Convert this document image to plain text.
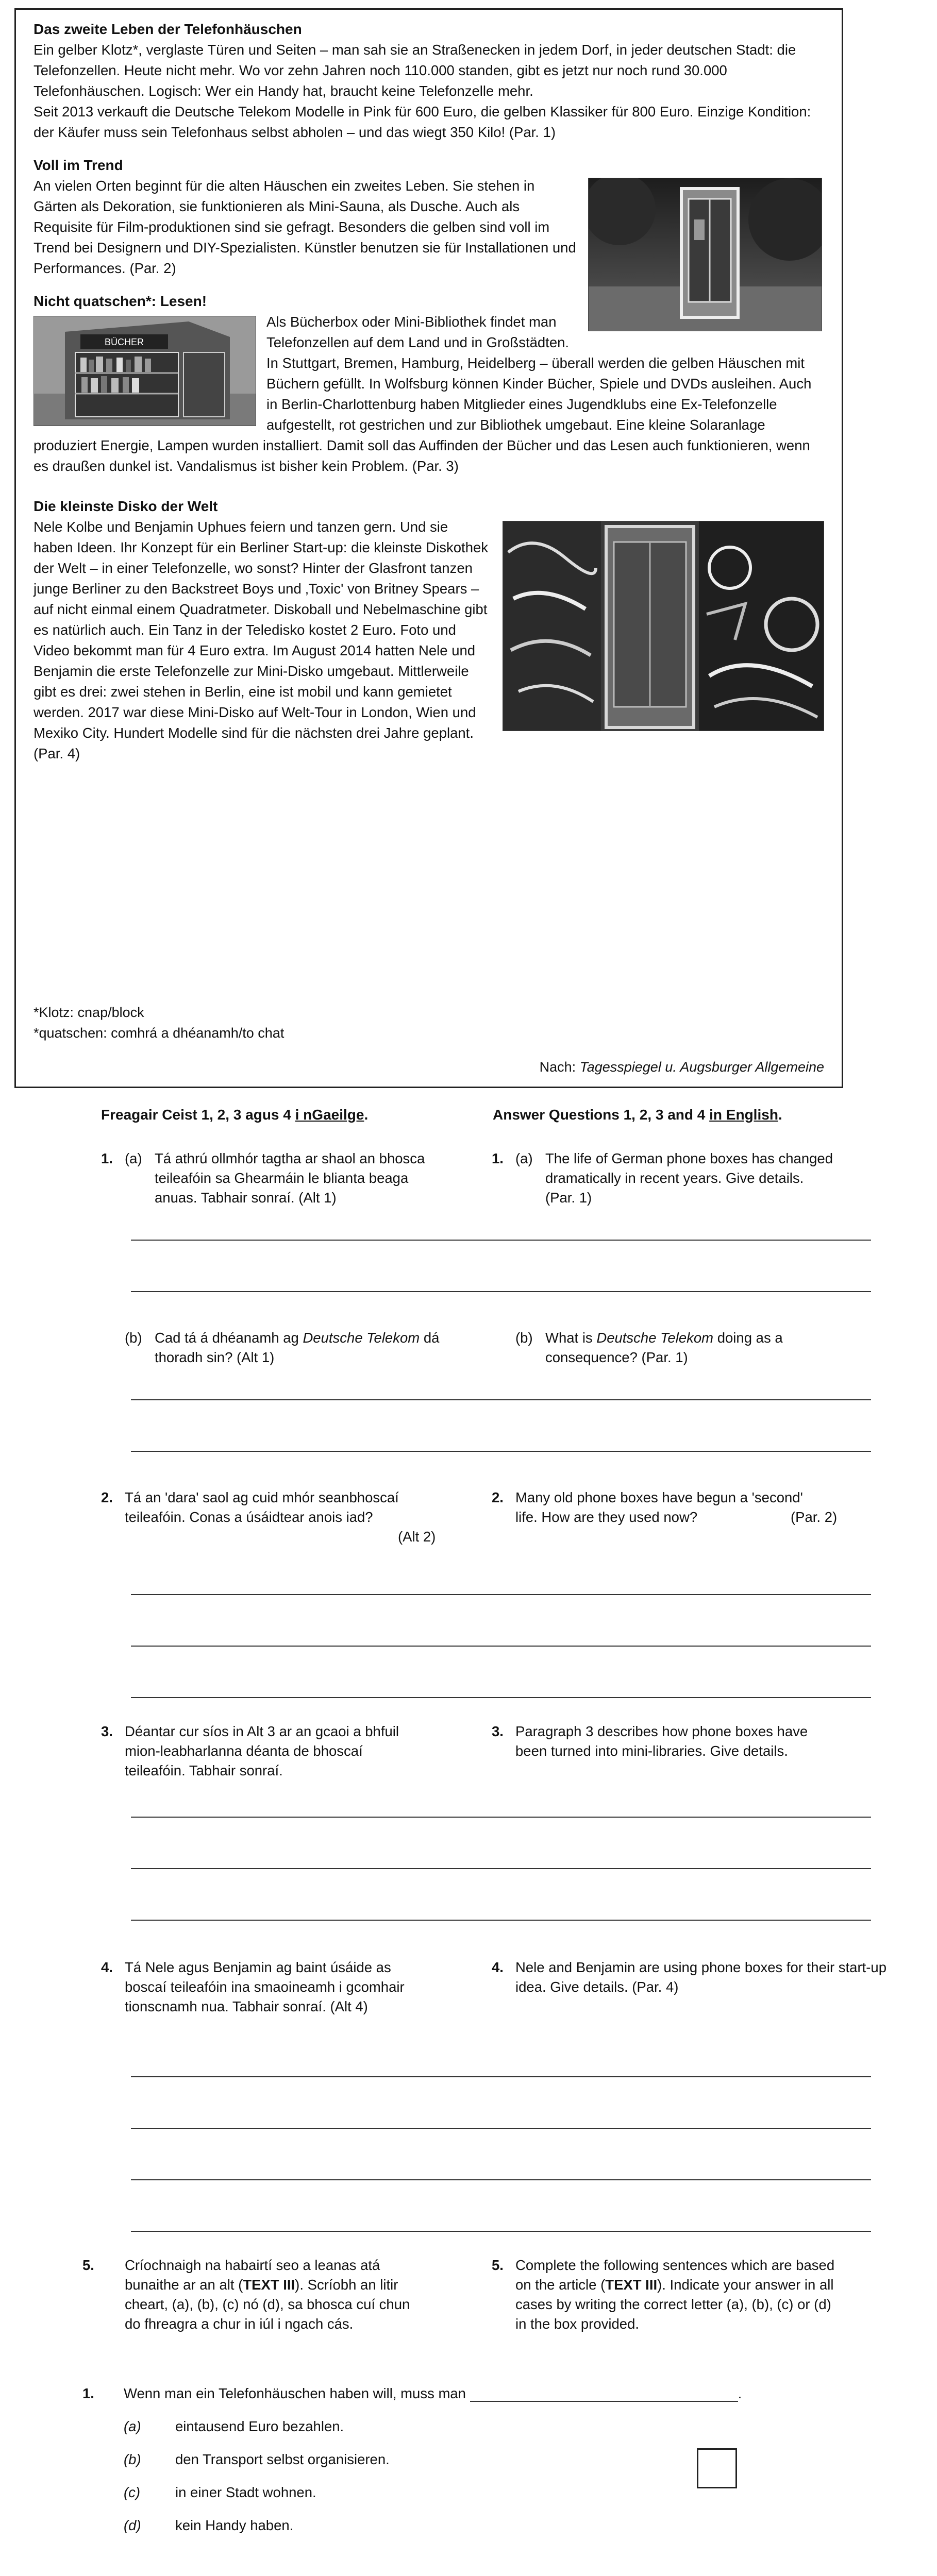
Das zweite Leben der Telefonhäuschen
Ein gelber Klotz*, verglaste Türen und Seiten – man sah sie an Straßenecken in jedem Dorf, in jeder deutschen Stadt: die Telefonzellen. Heute nicht mehr. Wo vor zehn Jahren noch 110.000 standen, gibt es jetzt nur noch rund 30.000 Telefonhäuschen. Logisch: Wer ein Handy hat, braucht keine Telefonzelle mehr.

Seit 2013 verkauft die Deutsche Telekom Modelle in Pink für 600 Euro, die gelben Klassiker für 800 Euro. Einzige Kondition: der Käufer muss sein Telefonhaus selbst abholen – und das wiegt 350 Kilo! (Par. 1)

Voll im Trend

An vielen Orten beginnt für die alten Häuschen ein zweites Leben. Sie stehen in Gärten als Dekoration, sie funktionieren als Mini-Sauna, als Dusche. Auch als Requisite für Film-produktionen sind sie gefragt. Besonders die gelben sind voll im Trend bei Designern und DIY-Spezialisten. Künstler benutzen sie für Installationen und Performances. (Par. 2)

Nicht quatschen*: Lesen!
BÜCHER

Als Bücherbox oder Mini-Bibliothek findet man Telefonzellen auf dem Land und in Großstädten. In Stuttgart, Bremen, Hamburg, Heidelberg – überall werden die gelben Häuschen mit Büchern gefüllt. In Wolfsburg können Kinder Bücher, Spiele und DVDs ausleihen. Auch in Berlin-Charlottenburg haben Mitglieder eines Jugendklubs eine Ex-Telefonzelle aufgestellt, rot gestrichen und zur Bibliothek umgebaut. Eine kleine Solaranlage produziert Energie, Lampen wurden installiert. Damit soll das Auffinden der Bücher und das Lesen auch funktionieren, wenn es draußen dunkel ist. Vandalismus ist bisher kein Problem. (Par. 3)

Die kleinste Disko der Welt

Nele Kolbe und Benjamin Uphues feiern und tanzen gern. Und sie haben Ideen. Ihr Konzept für ein Berliner Start-up: die kleinste Diskothek der Welt – in einer Telefonzelle, wo sonst? Hinter der Glasfront tanzen junge Berliner zu den Backstreet Boys und ‚Toxic' von Britney Spears – auf nicht einmal einem Quadratmeter. Diskoball und Nebelmaschine gibt es natürlich auch. Ein Tanz in der Teledisko kostet 2 Euro. Foto und Video bekommt man für 4 Euro extra. Im August 2014 hatten Nele und Benjamin die erste Telefonzelle zur Mini-Disko umgebaut. Mittlerweile gibt es drei: zwei stehen in Berlin, eine ist mobil und kann gemietet werden. 2017 war diese Mini-Disko auf Welt-Tour in London, Wien und Mexiko City. Hundert Modelle sind für die nächsten drei Jahre geplant. (Par. 4)

*Klotz: cnap/block
*quatschen: comhrá a dhéanamh/to chat
Nach: Tagesspiegel u. Augsburger Allgemeine
Freagair Ceist 1, 2, 3 agus 4 i nGaeilge.	Answer Questions 1, 2, 3 and 4 in English.
1. (a) Tá athrú ollmhór tagtha ar shaol an bhosca teileafóin sa Ghearmáin le blianta beaga anuas. Tabhair sonraí. (Alt 1)
1. (a) The life of German phone boxes has changed dramatically in recent years. Give details. (Par. 1)
(b) Cad tá á dhéanamh ag Deutsche Telekom dá thoradh sin? (Alt 1)
(b) What is Deutsche Telekom doing as a consequence? (Par. 1)
2. Tá an 'dara' saol ag cuid mhór seanbhoscaí teileafóin. Conas a úsáidtear anois iad?
(Alt 2)
2. Many old phone boxes have begun a 'second' life. How are they used now?	(Par. 2)
3. Déantar cur síos in Alt 3 ar an gcaoi a bhfuil mion-leabharlanna déanta de bhoscaí teileafóin. Tabhair sonraí.
3. Paragraph 3 describes how phone boxes have been turned into mini-libraries. Give details.
4. Tá Nele agus Benjamin ag baint úsáide as boscaí teileafóin ina smaoineamh i gcomhair tionscnamh nua. Tabhair sonraí. (Alt 4)
4. Nele and Benjamin are using phone boxes for their start-up idea. Give details. (Par. 4)
5. Críochnaigh na habairtí seo a leanas atá bunaithe ar an alt (TEXT III). Scríobh an litir cheart, (a), (b), (c) nó (d), sa bhosca cuí chun do fhreagra a chur in iúl i ngach cás.
5. Complete the following sentences which are based on the article (TEXT III). Indicate your answer in all cases by writing the correct letter (a), (b), (c) or (d) in the box provided.
1. Wenn man ein Telefonhäuschen haben will, muss man	.
(a) eintausend Euro bezahlen.
(b) den Transport selbst organisieren.
(c) in einer Stadt wohnen.
(d) kein Handy haben.
